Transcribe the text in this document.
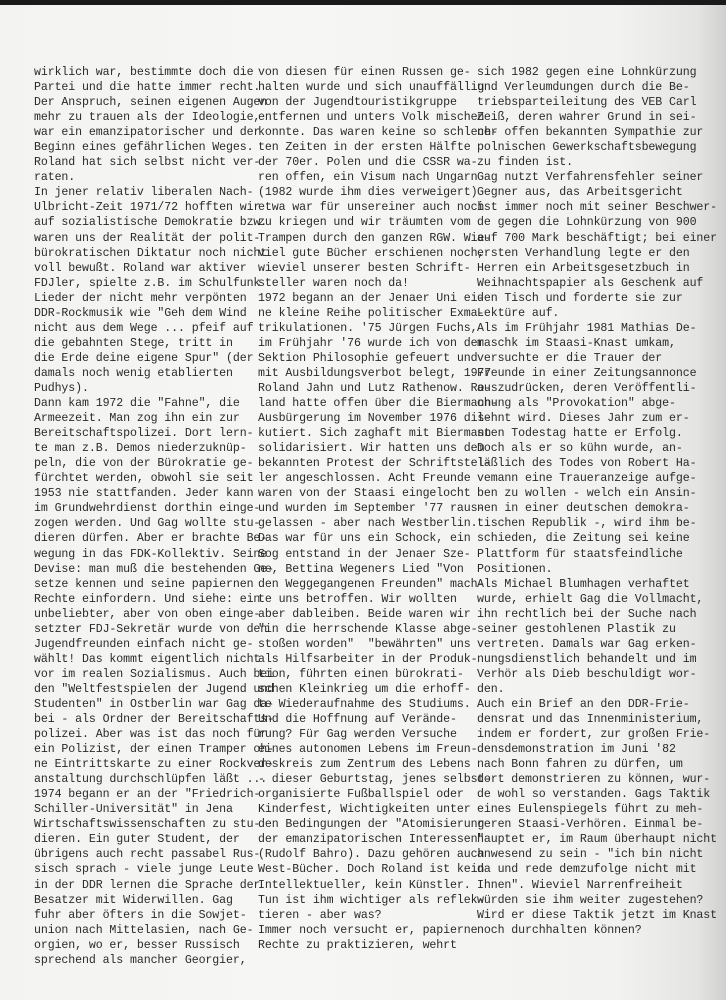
wirklich war, bestimmte doch die
Partei und die hatte immer recht.
Der Anspruch, seinen eigenen Augen
mehr zu trauen als der Ideologie,
war ein emanzipatorischer und der
Beginn eines gefährlichen Weges.
Roland hat sich selbst nicht ver-
raten.
In jener relativ liberalen Nach-
Ulbricht-Zeit 1971/72 hofften wir
auf sozialistische Demokratie bzw.
waren uns der Realität der polit-
bürokratischen Diktatur noch nicht
voll bewußt. Roland war aktiver
FDJler, spielte z.B. im Schulfunk
Lieder der nicht mehr verpönten
DDR-Rockmusik wie "Geh dem Wind
nicht aus dem Wege ... pfeif auf
die gebahnten Stege, tritt in
die Erde deine eigene Spur" (der
damals noch wenig etablierten
Pudhys).
Dann kam 1972 die "Fahne", die
Armeezeit. Man zog ihn ein zur
Bereitschaftspolizei. Dort lern-
te man z.B. Demos niederzuknüp-
peln, die von der Bürokratie ge-
fürchtet werden, obwohl sie seit
1953 nie stattfanden. Jeder kann
im Grundwehrdienst dorthin einge-
zogen werden. Und Gag wollte stu-
dieren dürfen. Aber er brachte Be-
wegung in das FDK-Kollektiv. Seine
Devise: man muß die bestehenden Ge-
setze kennen und seine papiernen
Rechte einfordern. Und siehe: ein
unbeliebter, aber von oben einge-
setzter FDJ-Sekretär wurde von den
Jugendfreunden einfach nicht ge-
wählt! Das kommt eigentlich nicht
vor im realen Sozialismus. Auch bei
den "Weltfestspielen der Jugend und
Studenten" in Ostberlin war Gag da-
bei - als Ordner der Bereitschafts-
polizei. Aber was ist das noch für
ein Polizist, der einen Tramper oh-
ne Eintrittskarte zu einer Rockver-
anstaltung durchschlüpfen läßt ...
1974 begann er an der "Friedrich-
Schiller-Universität" in Jena
Wirtschaftswissenschaften zu stu-
dieren. Ein guter Student, der
übrigens auch recht passabel Rus-
sisch sprach - viele junge Leute
in der DDR lernen die Sprache der
Besatzer mit Widerwillen. Gag
fuhr aber öfters in die Sowjet-
union nach Mittelasien, nach Ge-
orgien, wo er, besser Russisch
sprechend als mancher Georgier,
von diesen für einen Russen ge-
halten wurde und sich unauffällig
von der Jugendtouristikgruppe
entfernen und unters Volk mischen
konnte. Das waren keine so schlech-
ten Zeiten in der ersten Hälfte
der 70er. Polen und die CSSR wa-
ren offen, ein Visum nach Ungarn
(1982 wurde ihm dies verweigert)
etwa war für unsereiner auch noch
zu kriegen und wir träumten vom
Trampen durch den ganzen RGW. Wie-
viel gute Bücher erschienen noch,
wieviel unserer besten Schrift-
steller waren noch da!
1972 begann an der Jenaer Uni ei-
ne kleine Reihe politischer Exma-
trikulationen. '75 Jürgen Fuchs,
im Frühjahr '76 wurde ich von der
Sektion Philosophie gefeuert und
mit Ausbildungsverbot belegt, 1977
Roland Jahn und Lutz Rathenow. Ro-
land hatte offen über die Biermann-
Ausbürgerung im November 1976 dis-
kutiert. Sich zaghaft mit Biermann
solidarisiert. Wir hatten uns dem
bekannten Protest der Schriftstel-
ler angeschlossen. Acht Freunde
waren von der Staasi eingelocht
und wurden im September '77 raus-
gelassen - aber nach Westberlin.
Das war für uns ein Schock, ein
Sog entstand in der Jenaer Sze-
ne, Bettina Wegeners Lied "Von
den Weggegangenen Freunden" mach-
te uns betroffen. Wir wollten
aber dableiben. Beide waren wir
"in die herrschende Klasse abge-
stoßen worden"  "bewährten" uns
als Hilfsarbeiter in der Produk-
tion, führten einen bürokrati-
schen Kleinkrieg um die erhoff-
te Wiederaufnahme des Studiums.
Und die Hoffnung auf Verände-
rung? Für Gag werden Versuche
eines autonomen Lebens im Freun-
deskreis zum Zentrum des Lebens
- dieser Geburtstag, jenes selbst-
organisierte Fußballspiel oder
Kinderfest, Wichtigkeiten unter
den Bedingungen der "Atomisierung
der emanzipatorischen Interessen"
(Rudolf Bahro). Dazu gehören auch
West-Bücher. Doch Roland ist kein
Intellektueller, kein Künstler.
Tun ist ihm wichtiger als reflek-
tieren - aber was?
Immer noch versucht er, papierne
Rechte zu praktizieren, wehrt
sich 1982 gegen eine Lohnkürzung
und Verleumdungen durch die Be-
triebsparteileitung des VEB Carl
Zeiß, deren wahrer Grund in sei-
ner offen bekannten Sympathie zur
polnischen Gewerkschaftsbewegung
zu finden ist.
Gag nutzt Verfahrensfehler seiner
Gegner aus, das Arbeitsgericht
ist immer noch mit seiner Beschwer-
de gegen die Lohnkürzung von 900
auf 700 Mark beschäftigt; bei einer
ersten Verhandlung legte er den
Herren ein Arbeitsgesetzbuch in
Weihnachtspapier als Geschenk auf
den Tisch und forderte sie zur
Lektüre auf.
Als im Frühjahr 1981 Mathias De-
maschk im Staasi-Knast umkam,
versuchte er die Trauer der
Freunde in einer Zeitungsannonce
auszudrücken, deren Veröffentli-
chung als "Provokation" abge-
lehnt wird. Dieses Jahr zum er-
sten Todestag hatte er Erfolg.
Doch als er so kühn wurde, an-
läßlich des Todes von Robert Ha-
vemann eine Traueranzeige aufge-
ben zu wollen - welch ein Ansin-
nen in einer deutschen demokra-
tischen Republik -, wird ihm be-
schieden, die Zeitung sei keine
Plattform für staatsfeindliche
Positionen.
Als Michael Blumhagen verhaftet
wurde, erhielt Gag die Vollmacht,
ihn rechtlich bei der Suche nach
seiner gestohlenen Plastik zu
vertreten. Damals war Gag erken-
nungsdienstlich behandelt und im
Verhör als Dieb beschuldigt wor-
den.
Auch ein Brief an den DDR-Frie-
densrat und das Innenministerium,
indem er fordert, zur großen Frie-
densdemonstration im Juni '82
nach Bonn fahren zu dürfen, um
dort demonstrieren zu können, wur-
de wohl so verstanden. Gags Taktik
eines Eulenspiegels führt zu meh-
reren Staasi-Verhören. Einmal be-
hauptet er, im Raum überhaupt nicht
anwesend zu sein - "ich bin nicht
da und rede demzufolge nicht mit
Ihnen". Wieviel Narrenfreiheit
würden sie ihm weiter zugestehen?
Wird er diese Taktik jetzt im Knast
noch durchhalten können?
